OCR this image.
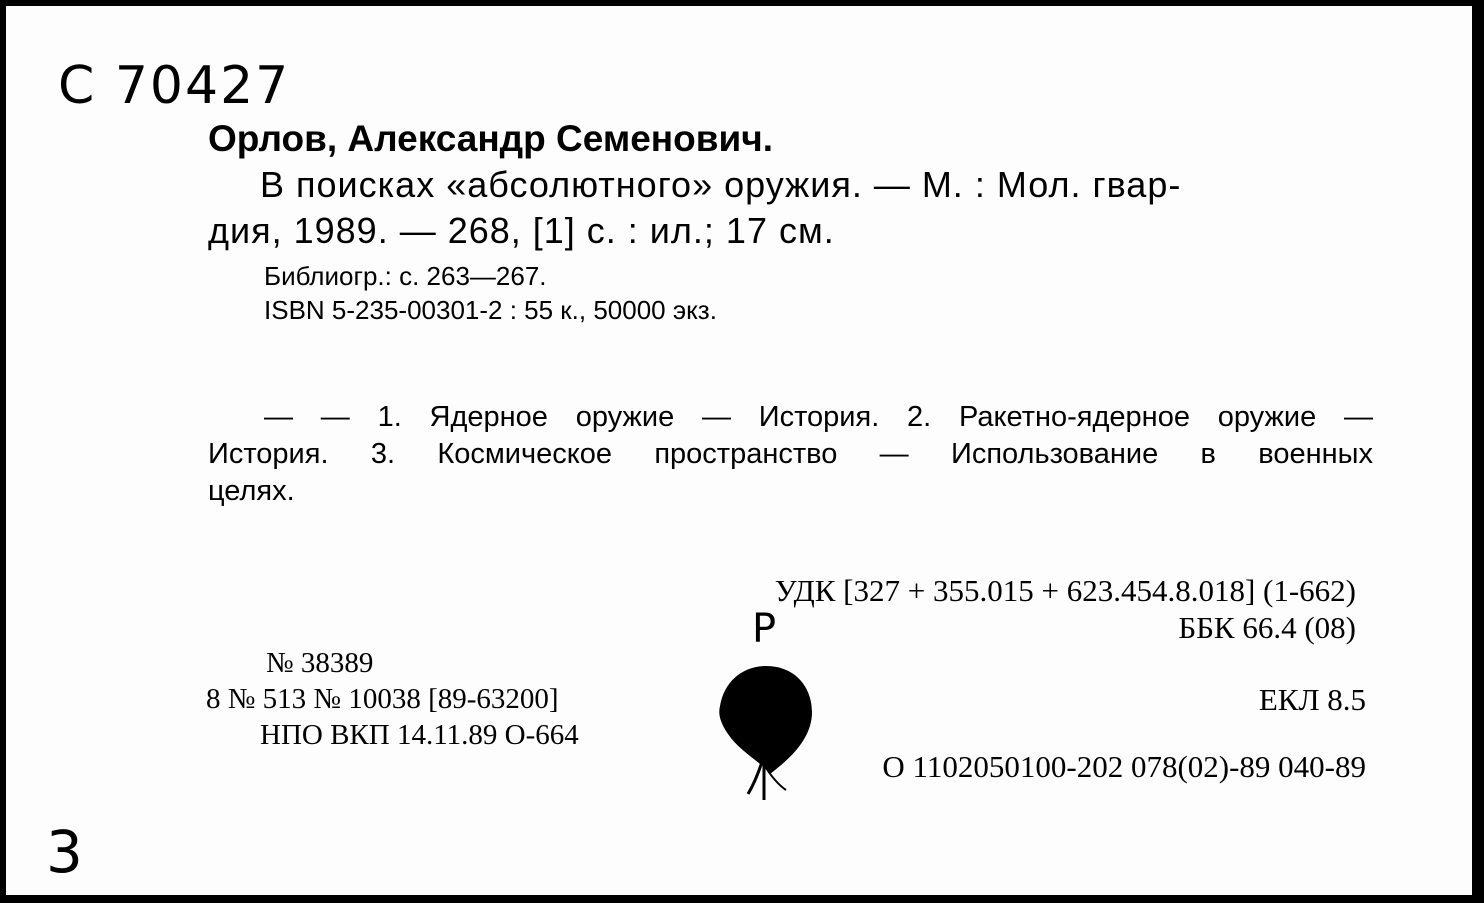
С 70427
Орлов, Александр Семенович.
В поисках «абсолютного» оружия. — М. : Мол. гвар-
дия, 1989. — 268, [1] с. : ил.; 17 см.
Библиогр.: с. 263—267.
ISBN 5-235-00301-2 : 55 к., 50000 экз.
— — 1. Ядерное оружие — История. 2. Ракетно-ядерное оружие —
История. 3. Космическое пространство — Использование в военных
целях.
УДК [327 + 355.015 + 623.454.8.018] (1-662)
ББК 66.4 (08)
ЕКЛ 8.5
О 1102050100-202 078(02)-89 040-89
№ 38389
8 № 513 № 10038 [89-63200]
НПО ВКП 14.11.89 О-664
Р
3
